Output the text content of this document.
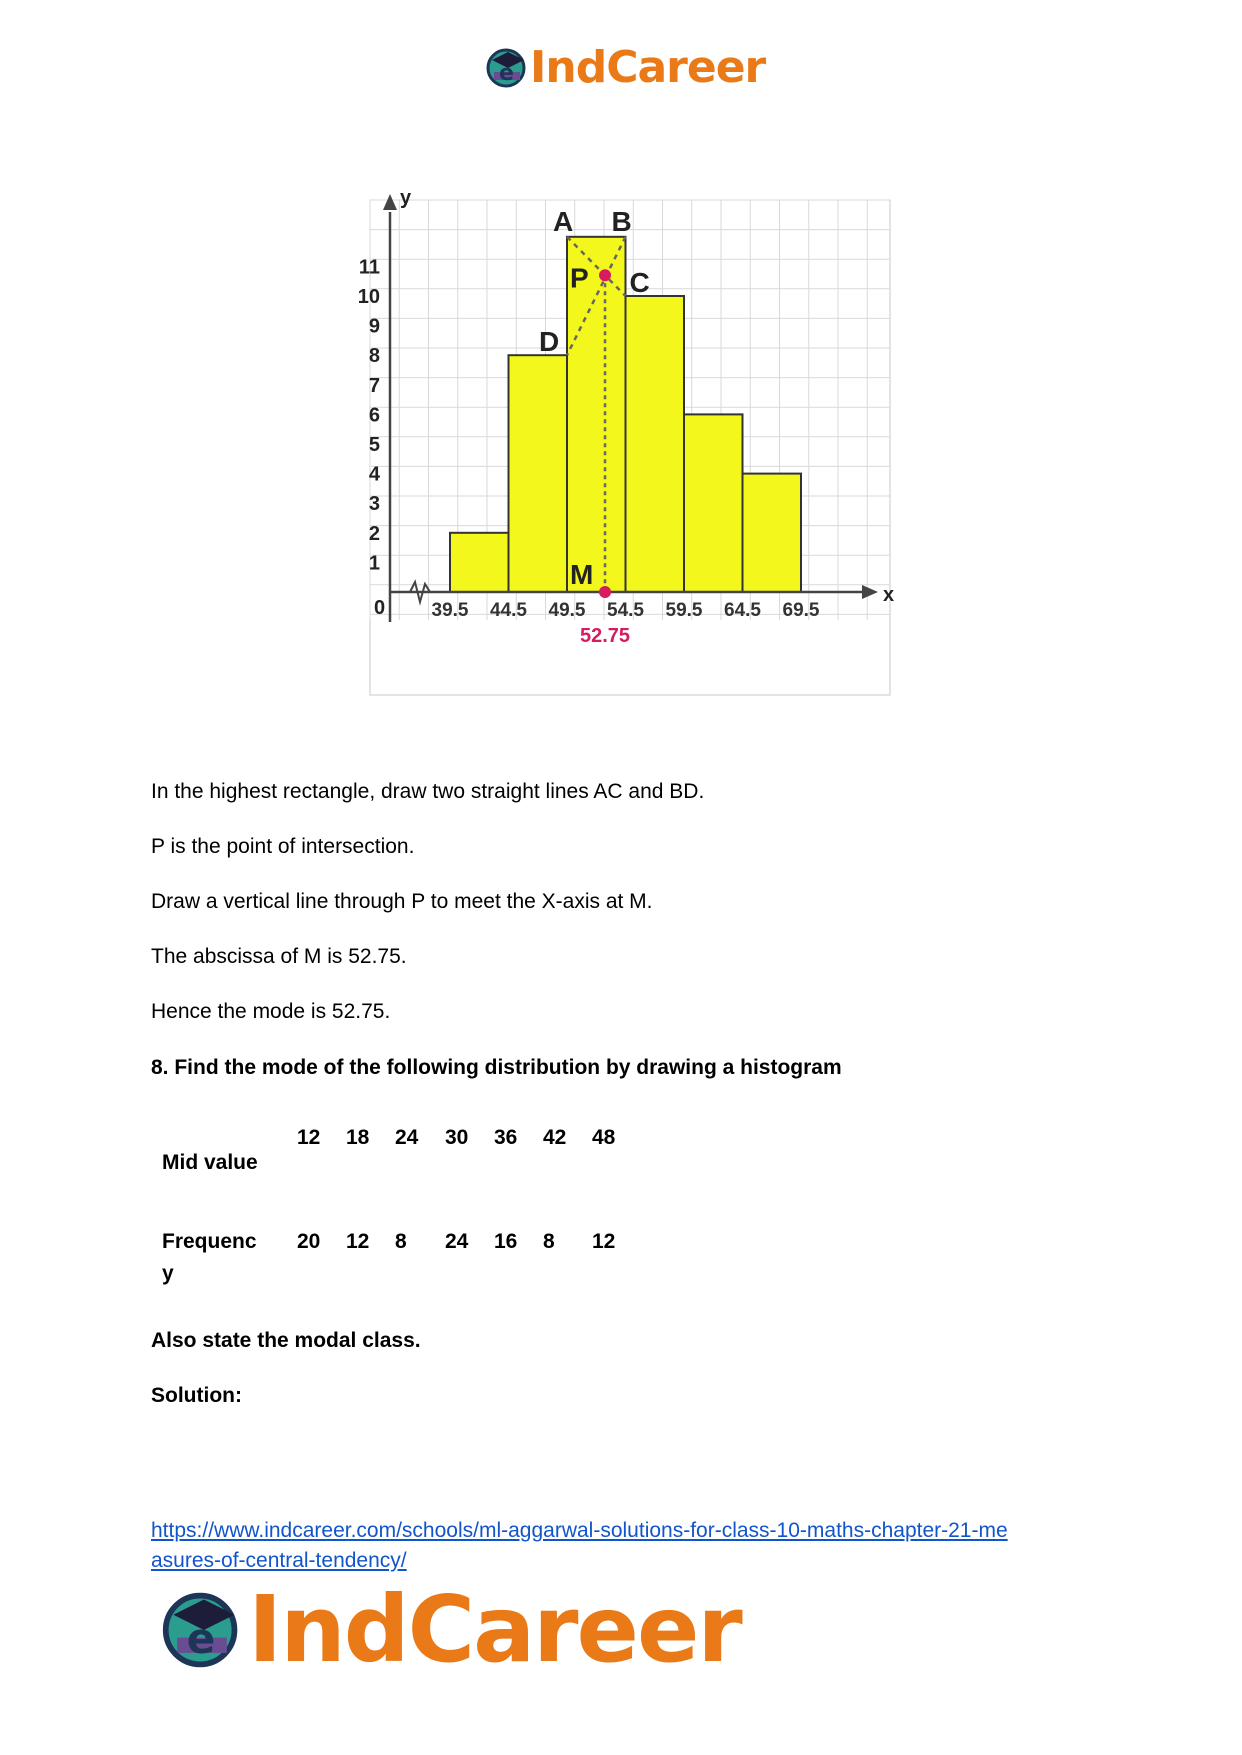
e IndCareer
y
x
0
1
2
3
4
5
6
7
8
9
10
11
39.5 44.5 49.5 54.5 59.5 64.5 69.5
A B
C
D
P
M
52.75
In the highest rectangle, draw two straight lines AC and BD.
P is the point of intersection.
Draw a vertical line through P to meet the X-axis at M.
The abscissa of M is 52.75.
Hence the mode is 52.75.
8. Find the mode of the following distribution by drawing a histogram
Mid value
Frequenc
y
12 18 24 30 36 42 48
20 12 8 24 16 8 12
Also state the modal class.
Solution:
https://www.indcareer.com/schools/ml-aggarwal-solutions-for-class-10-maths-chapter-21-me
asures-of-central-tendency/
e IndCareer
